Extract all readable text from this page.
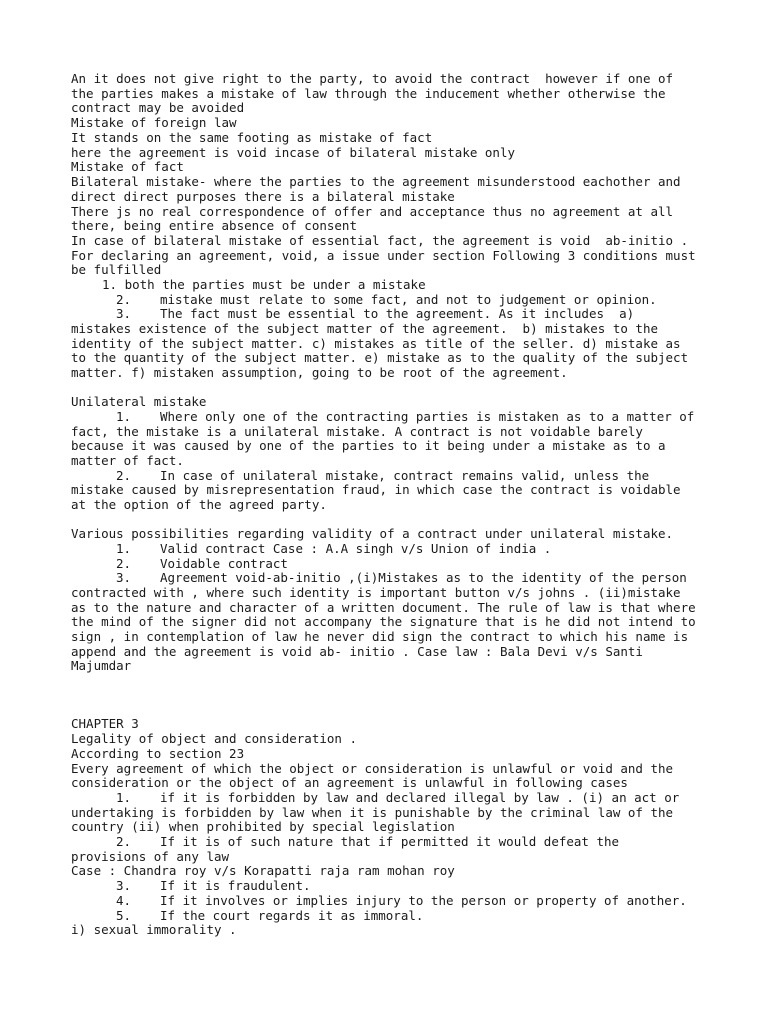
An it does not give right to the party, to avoid the contract  however if one of
the parties makes a mistake of law through the inducement whether otherwise the
contract may be avoided
Mistake of foreign law
It stands on the same footing as mistake of fact
here the agreement is void incase of bilateral mistake only
Mistake of fact
Bilateral mistake- where the parties to the agreement misunderstood eachother and
direct direct purposes there is a bilateral mistake
There js no real correspondence of offer and acceptance thus no agreement at all
there, being entire absence of consent
In case of bilateral mistake of essential fact, the agreement is void  ab-initio .
For declaring an agreement, void, a issue under section Following 3 conditions must
be fulfilled
1. both the parties must be under a mistake
2. mistake must relate to some fact, and not to judgement or opinion.
3. The fact must be essential to the agreement. As it includes  a)
mistakes existence of the subject matter of the agreement.  b) mistakes to the
identity of the subject matter. c) mistakes as title of the seller. d) mistake as
to the quantity of the subject matter. e) mistake as to the quality of the subject
matter. f) mistaken assumption, going to be root of the agreement.
Unilateral mistake
1. Where only one of the contracting parties is mistaken as to a matter of
fact, the mistake is a unilateral mistake. A contract is not voidable barely
because it was caused by one of the parties to it being under a mistake as to a
matter of fact.
2. In case of unilateral mistake, contract remains valid, unless the
mistake caused by misrepresentation fraud, in which case the contract is voidable
at the option of the agreed party.
Various possibilities regarding validity of a contract under unilateral mistake.
1. Valid contract Case : A.A singh v/s Union of india .
2. Voidable contract
3. Agreement void-ab-initio ,(i)Mistakes as to the identity of the person
contracted with , where such identity is important button v/s johns . (ii)mistake
as to the nature and character of a written document. The rule of law is that where
the mind of the signer did not accompany the signature that is he did not intend to
sign , in contemplation of law he never did sign the contract to which his name is
append and the agreement is void ab- initio . Case law : Bala Devi v/s Santi
Majumdar
CHAPTER 3
Legality of object and consideration .
According to section 23
Every agreement of which the object or consideration is unlawful or void and the
consideration or the object of an agreement is unlawful in following cases
1. if it is forbidden by law and declared illegal by law . (i) an act or
undertaking is forbidden by law when it is punishable by the criminal law of the
country (ii) when prohibited by special legislation
2. If it is of such nature that if permitted it would defeat the
provisions of any law
Case : Chandra roy v/s Korapatti raja ram mohan roy
3. If it is fraudulent.
4. If it involves or implies injury to the person or property of another.
5. If the court regards it as immoral.
i) sexual immorality .
